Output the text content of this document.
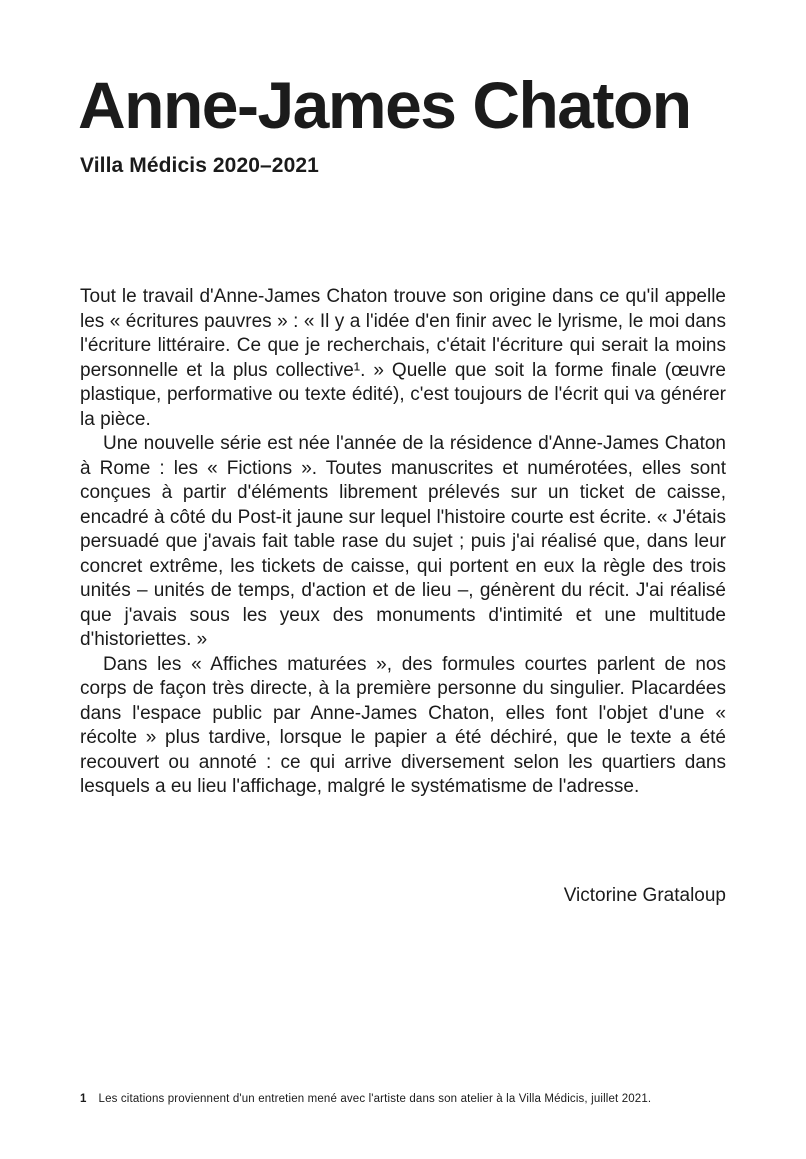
Anne-James Chaton
Villa Médicis 2020–2021

Tout le travail d'Anne-James Chaton trouve son origine dans ce qu'il appelle les « écritures pauvres » : « Il y a l'idée d'en finir avec le lyrisme, le moi dans l'écriture littéraire. Ce que je recherchais, c'était l'écriture qui serait la moins personnelle et la plus collective¹. » Quelle que soit la forme finale (œuvre plastique, performative ou texte édité), c'est toujours de l'écrit qui va générer la pièce.

Une nouvelle série est née l'année de la résidence d'Anne-James Chaton à Rome : les « Fictions ». Toutes manuscrites et numérotées, elles sont conçues à partir d'éléments librement prélevés sur un ticket de caisse, encadré à côté du Post-it jaune sur lequel l'histoire courte est écrite. « J'étais persuadé que j'avais fait table rase du sujet ; puis j'ai réalisé que, dans leur concret extrême, les tickets de caisse, qui portent en eux la règle des trois unités – unités de temps, d'action et de lieu –, génèrent du récit. J'ai réalisé que j'avais sous les yeux des monuments d'intimité et une multitude d'historiettes. »

Dans les « Affiches maturées », des formules courtes parlent de nos corps de façon très directe, à la première personne du singulier. Placardées dans l'espace public par Anne-James Chaton, elles font l'objet d'une « récolte » plus tardive, lorsque le papier a été déchiré, que le texte a été recouvert ou annoté : ce qui arrive diversement selon les quartiers dans lesquels a eu lieu l'affichage, malgré le systématisme de l'adresse.

Victorine Grataloup
1 Les citations proviennent d'un entretien mené avec l'artiste dans son atelier à la Villa Médicis, juillet 2021.
